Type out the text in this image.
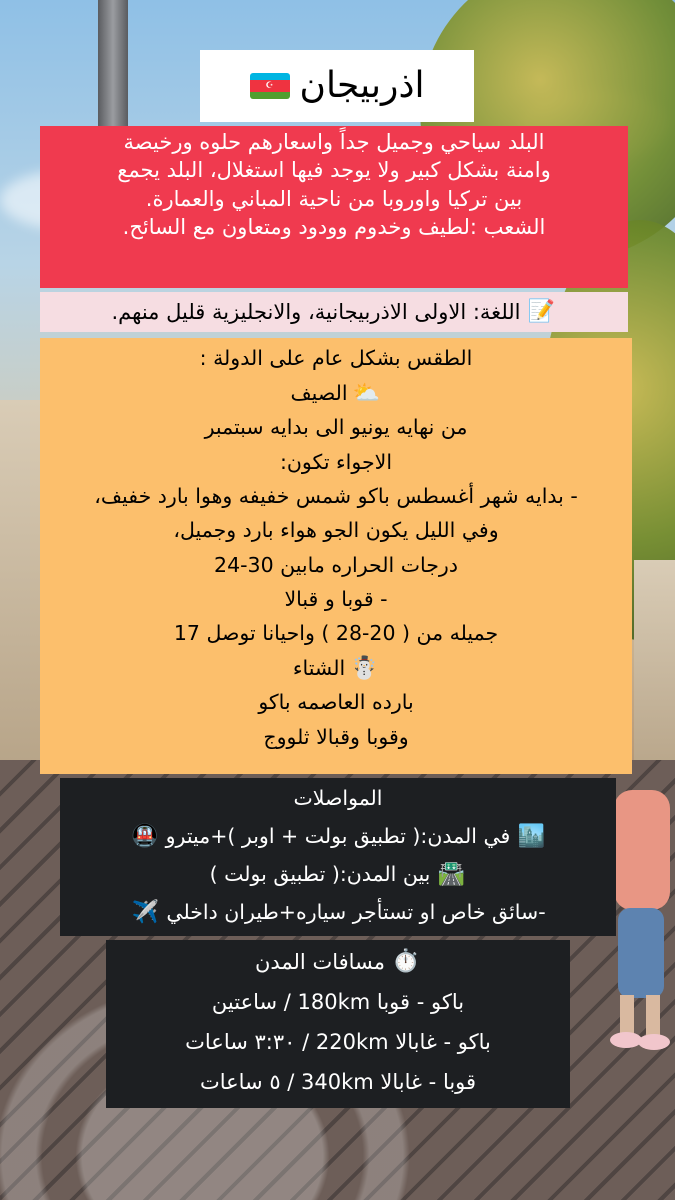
اذربيجان
☪
البلد سياحي وجميل جداً واسعارهم حلوه ورخيصة
وامنة بشكل كبير ولا يوجد فيها استغلال، البلد يجمع
بين تركيا واوروبا من ناحية المباني والعمارة.
الشعب :لطيف وخدوم وودود ومتعاون مع السائح.
📝
اللغة: الاولى الاذربيجانية، والانجليزية قليل منهم.
الطقس بشكل عام على الدولة :
⛅
الصيف
من نهايه يونيو الى بدايه سبتمبر
الاجواء تكون:
- بدايه شهر أغسطس باكو شمس خفيفه وهوا بارد خفيف،
وفي الليل يكون الجو هواء بارد وجميل،
درجات الحراره مابين 30-24
- قوبا و قبالا
جميله من ( 20-28 ) واحيانا توصل 17
☃️
الشتاء
بارده العاصمه باكو
وقوبا وقبالا ثلووج
المواصلات
🏙️
في المدن:( تطبيق بولت + اوبر )+ميترو
🚇
🛣️
بين المدن:( تطبيق بولت )
-سائق خاص او تستأجر سياره+طيران داخلي
✈️
⏱️
مسافات المدن
باكو - قوبا 180km / ساعتين
باكو - غابالا 220km / ٣:٣٠ ساعات
قوبا - غابالا 340km / ٥ ساعات
